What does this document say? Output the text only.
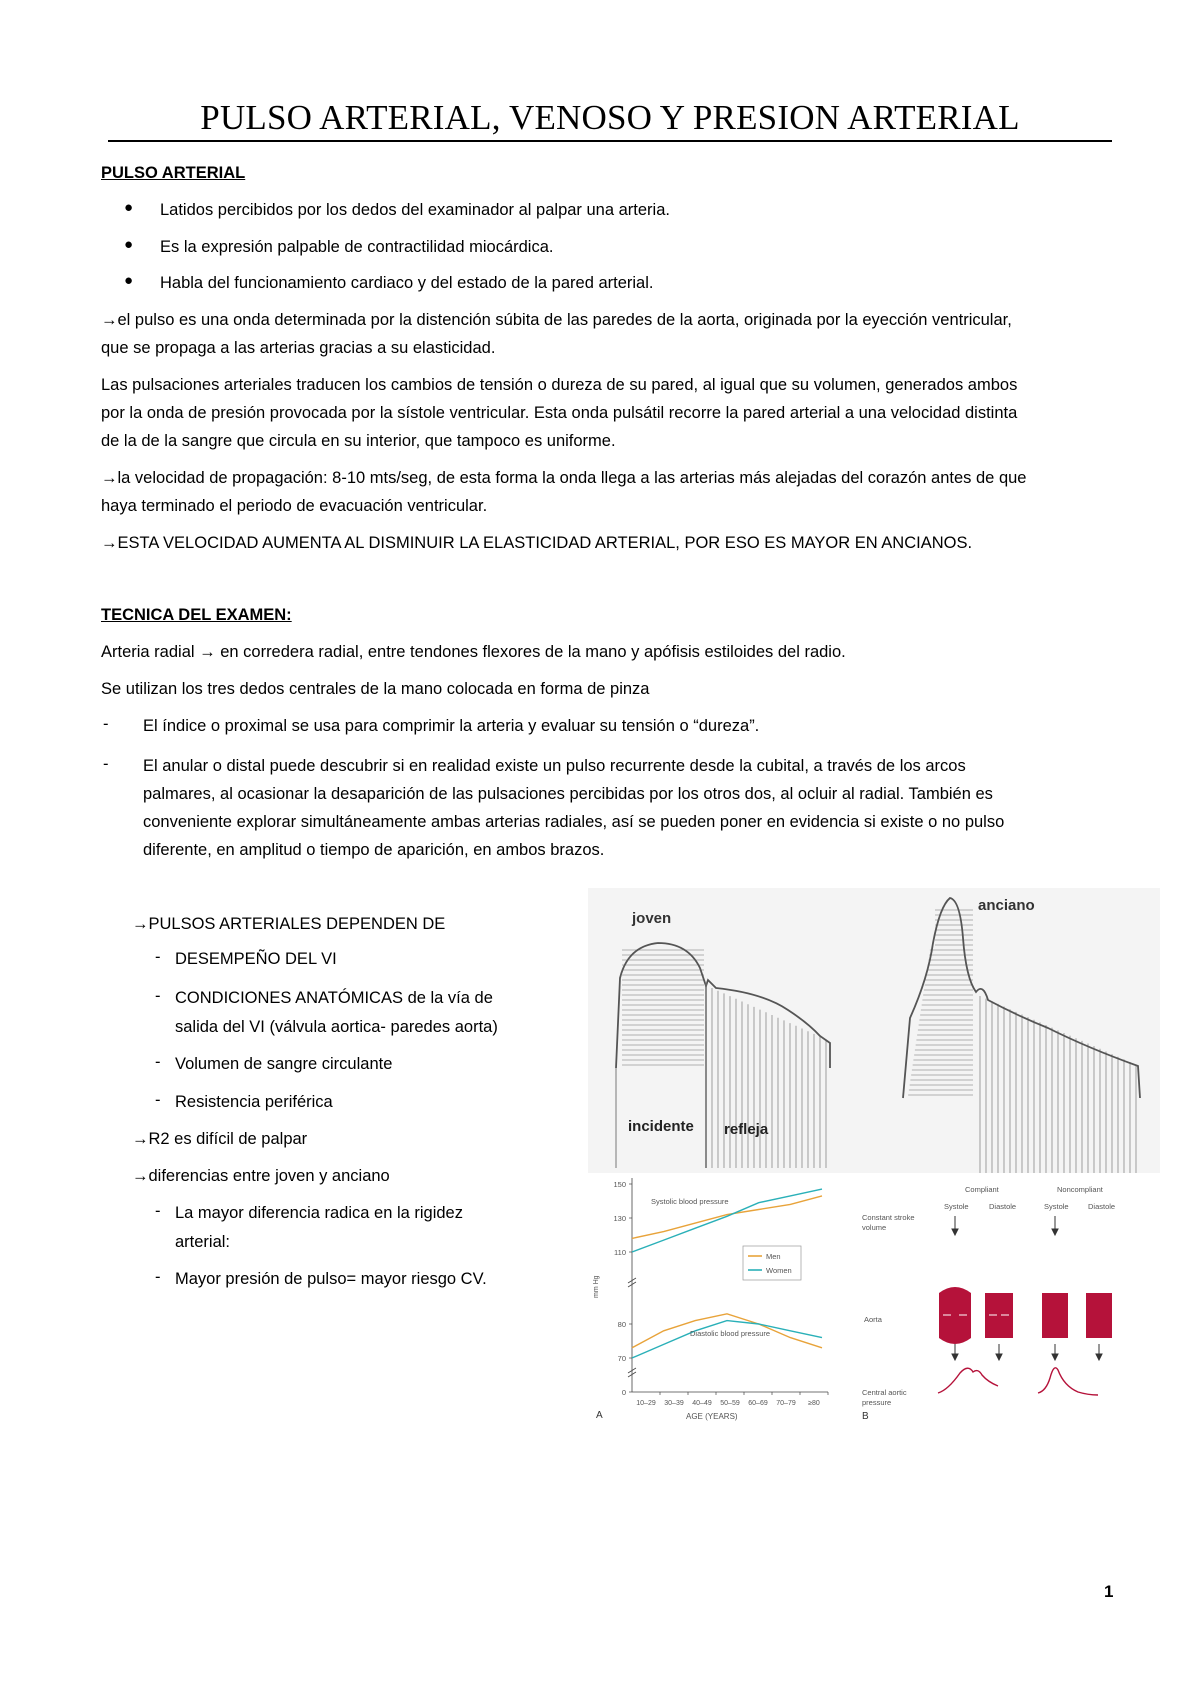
PULSO ARTERIAL, VENOSO Y PRESION ARTERIAL
PULSO ARTERIAL
● Latidos percibidos por los dedos del examinador al palpar una arteria.
● Es la expresión palpable de contractilidad miocárdica.
● Habla del funcionamiento cardiaco y del estado de la pared arterial.
→el pulso es una onda determinada por la distención súbita de las paredes de la aorta, originada por la eyección ventricular,
que se propaga a las arterias gracias a su elasticidad.
Las pulsaciones arteriales traducen los cambios de tensión o dureza de su pared, al igual que su volumen, generados ambos
por la onda de presión provocada por la sístole ventricular. Esta onda pulsátil recorre la pared arterial a una velocidad distinta
de la de la sangre que circula en su interior, que tampoco es uniforme.
→la velocidad de propagación: 8-10 mts/seg, de esta forma la onda llega a las arterias más alejadas del corazón antes de que
haya terminado el periodo de evacuación ventricular.
→ESTA VELOCIDAD AUMENTA AL DISMINUIR LA ELASTICIDAD ARTERIAL, POR ESO ES MAYOR EN ANCIANOS.
TECNICA DEL EXAMEN:
Arteria radial → en corredera radial, entre tendones flexores de la mano y apófisis estiloides del radio.
Se utilizan los tres dedos centrales de la mano colocada en forma de pinza
- El índice o proximal se usa para comprimir la arteria y evaluar su tensión o “dureza”.
- El anular o distal puede descubrir si en realidad existe un pulso recurrente desde la cubital, a través de los arcos
palmares, al ocasionar la desaparición de las pulsaciones percibidas por los otros dos, al ocluir al radial. También es
conveniente explorar simultáneamente ambas arterias radiales, así se pueden poner en evidencia si existe o no pulso
diferente, en amplitud o tiempo de aparición, en ambos brazos.
→PULSOS ARTERIALES DEPENDEN DE
- DESEMPEÑO DEL VI
- CONDICIONES ANATÓMICAS de la vía de
salida del VI (válvula aortica- paredes aorta)
- Volumen de sangre circulante
- Resistencia periférica
→R2 es difícil de palpar
→diferencias entre joven y anciano
- La mayor diferencia radica en la rigidez
arterial:
- Mayor presión de pulso= mayor riesgo CV.
joven
anciano
incidente refleja
0
70
80
110
130
150
10–29 30–39 40–49 50–59 60–69 70–79 ≥80
A	AGE (YEARS)
mm Hg
Systolic blood pressure
Diastolic blood pressure
Men
Women
Compliant	Noncompliant
Systole	Diastole	Systole	Diastole
Constant stroke volume
Aorta
Central aortic pressure
B
1
